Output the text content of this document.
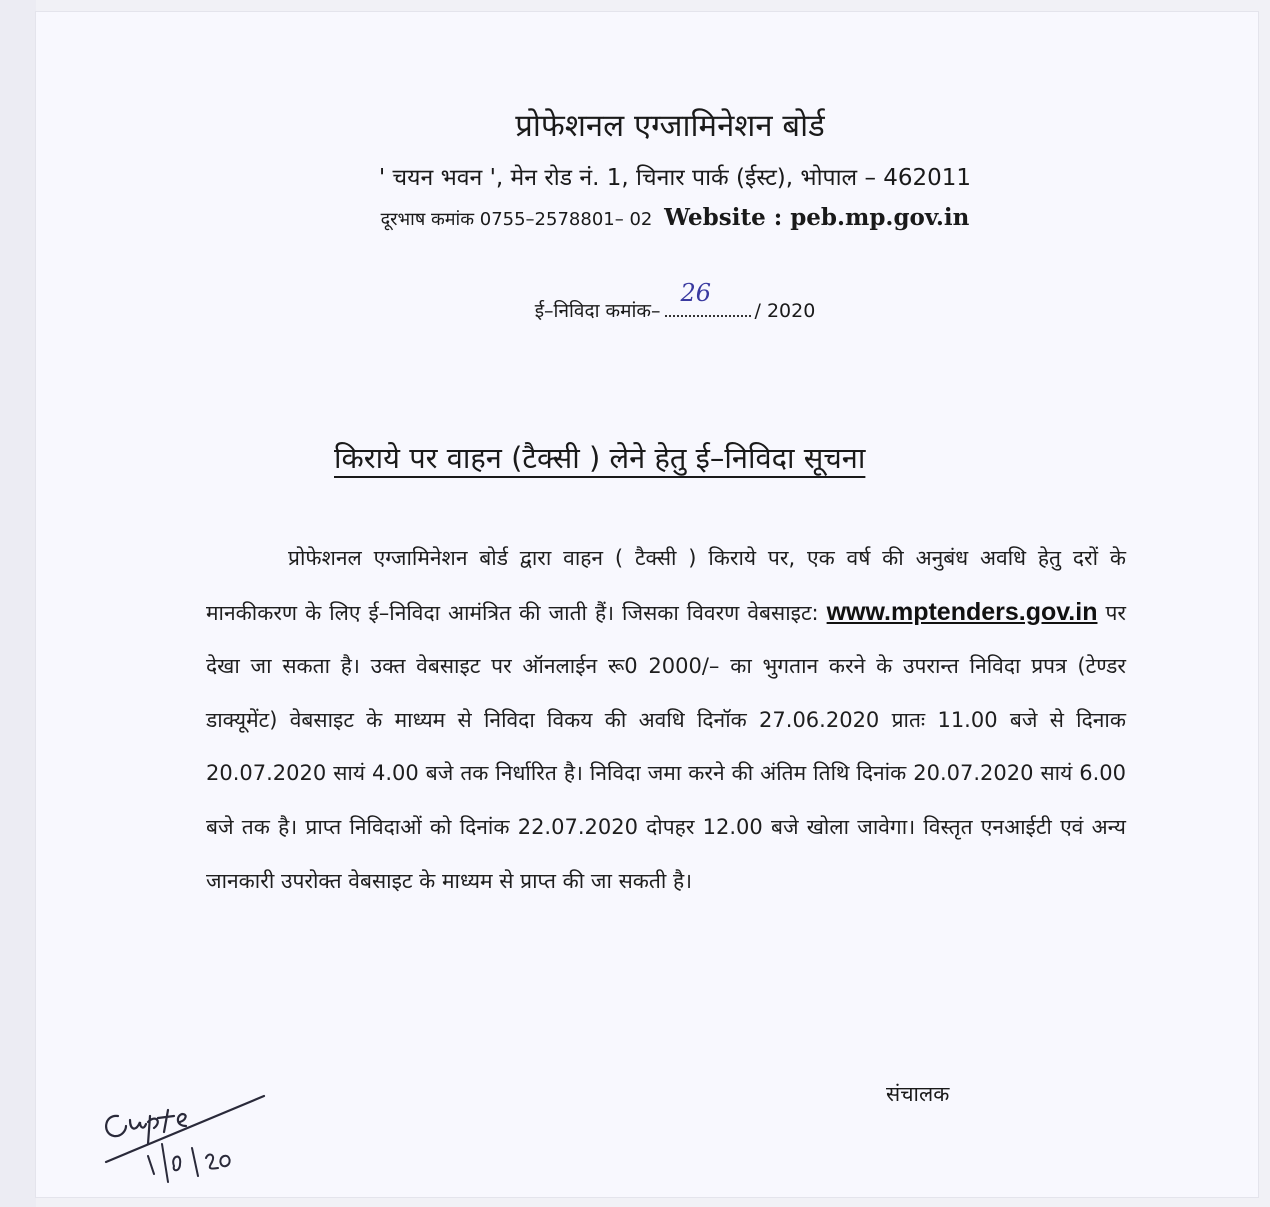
प्रोफेशनल एग्जामिनेशन बोर्ड
' चयन भवन ', मेन रोड नं. 1, चिनार पार्क (ईस्ट), भोपाल – 462011
दूरभाष कमांक 0755–2578801– 02 Website : peb.mp.gov.in
ई–निविदा कमांक–
26
/ 2020
किराये पर वाहन (टैक्सी ) लेने हेतु ई–निविदा सूचना

प्रोफेशनल एग्जामिनेशन बोर्ड द्वारा वाहन ( टैक्सी ) किराये पर, एक वर्ष की अनुबंध अवधि हेतु दरों के मानकीकरण के लिए ई–निविदा आमंत्रित की जाती हैं। जिसका विवरण वेबसाइट: www.mptenders.gov.in पर देखा जा सकता है। उक्त वेबसाइट पर ऑनलाईन रू0 2000/– का भुगतान करने के उपरान्त निविदा प्रपत्र (टेण्डर डाक्यूमेंट) वेबसाइट के माध्यम से निविदा विकय की अवधि दिनॉक 27.06.2020 प्रातः 11.00 बजे से दिनाक 20.07.2020 सायं 4.00 बजे तक निर्धारित है। निविदा जमा करने की अंतिम तिथि दिनांक 20.07.2020 सायं 6.00 बजे तक है। प्राप्त निविदाओं को दिनांक 22.07.2020 दोपहर 12.00 बजे खोला जावेगा। विस्तृत एनआईटी एवं अन्य जानकारी उपरोक्त वेबसाइट के माध्यम से प्राप्त की जा सकती है।

संचालक
